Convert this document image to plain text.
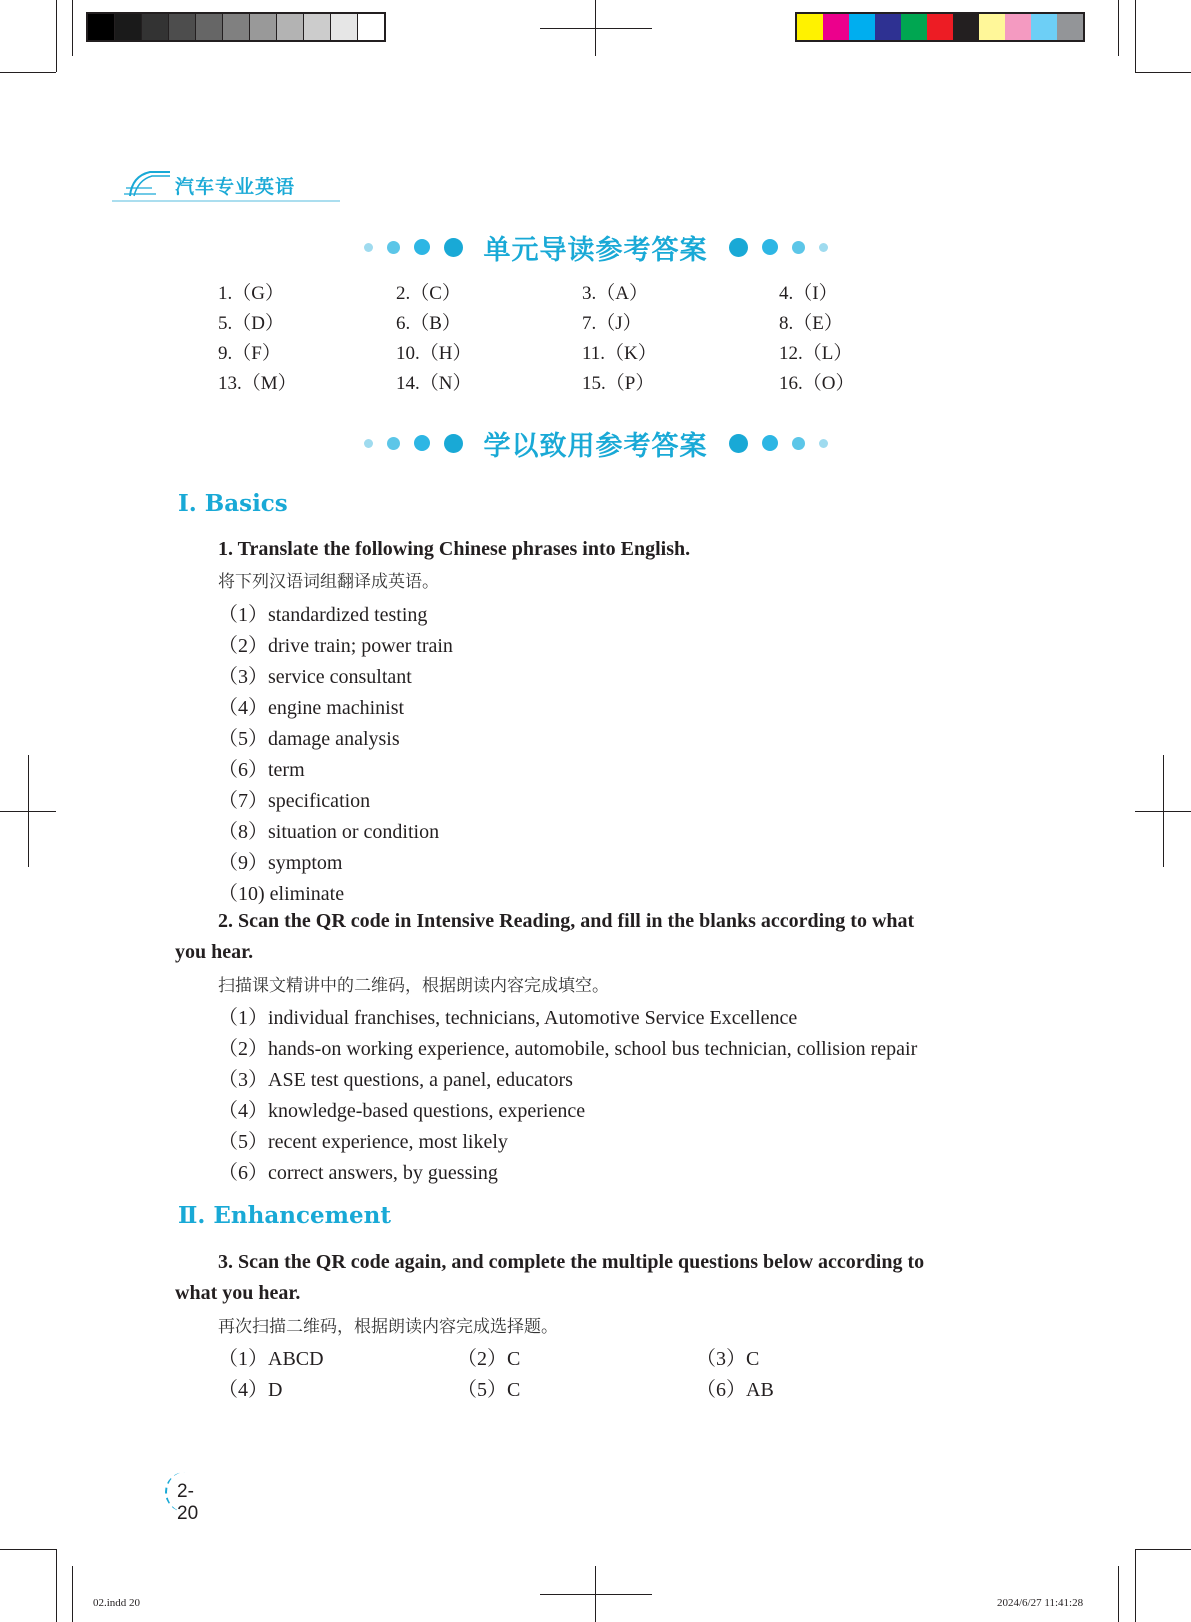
汽车专业英语
单元导读参考答案
1.（G）	2.（C）	3.（A）	4.（I）
5.（D）	6.（B）	7.（J）	8.（E）
9.（F）	10.（H）	11.（K）	12.（L）
13.（M）	14.（N）	15.（P）	16.（O）
学以致用参考答案
Ⅰ. Basics
1. Translate the following Chinese phrases into English.
将下列汉语词组翻译成英语。
（1）standardized testing
（2）drive train; power train
（3）service consultant
（4）engine machinist
（5）damage analysis
（6）term
（7）specification
（8）situation or condition
（9）symptom
（10) eliminate
2. Scan the QR code in Intensive Reading, and fill in the blanks according to what
you hear.
扫描课文精讲中的二维码，根据朗读内容完成填空。
（1）individual franchises, technicians, Automotive Service Excellence
（2）hands-on working experience, automobile, school bus technician, collision repair
（3）ASE test questions, a panel, educators
（4）knowledge-based questions, experience
（5）recent experience, most likely
（6）correct answers, by guessing
Ⅱ. Enhancement
3. Scan the QR code again, and complete the multiple questions below according to
what you hear.
再次扫描二维码，根据朗读内容完成选择题。
（1）ABCD	（2）C	（3）C
（4）D	（5）C	（6）AB
2-20
02.indd 20	2024/6/27 11:41:28
